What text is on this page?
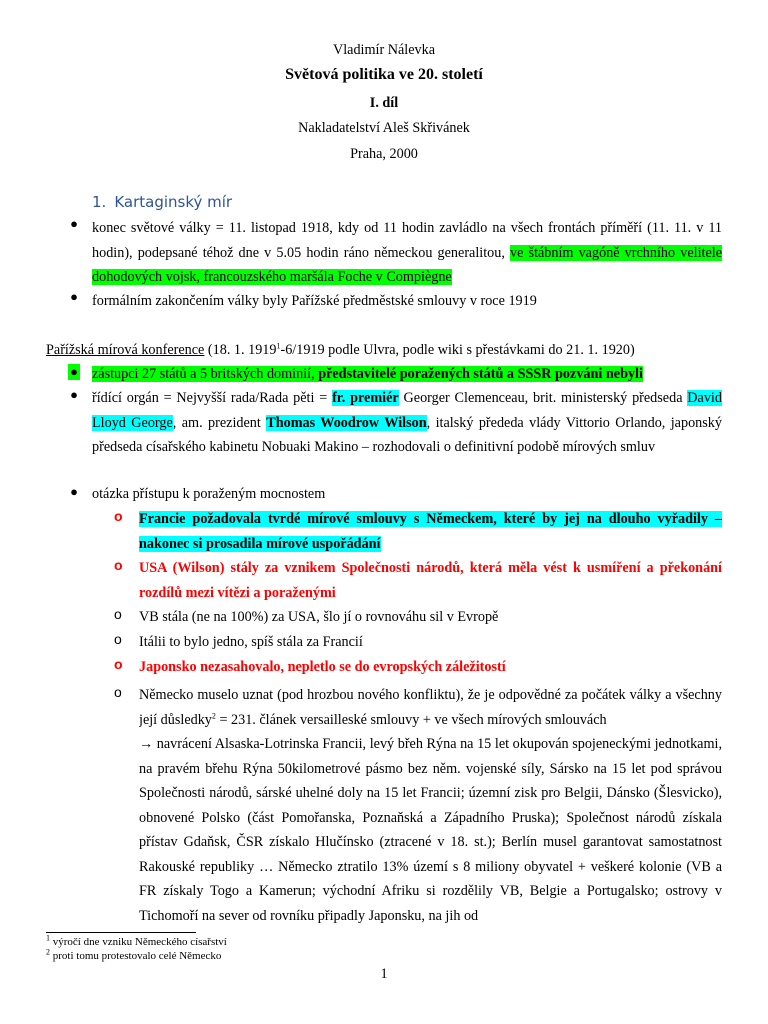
Vladimír Nálevka
Světová politika ve 20. století
I. díl
Nakladatelství Aleš Skřivánek
Praha, 2000
1. Kartaginský mír
● konec světové války = 11. listopad 1918, kdy od 11 hodin zavládlo na všech frontách příměří (11. 11. v 11 hodin), podepsané téhož dne v 5.05 hodin ráno německou generalitou, ve štábním vagóně vrchního velitele dohodových vojsk, francouzského maršála Foche v Compiègne
● formálním zakončením války byly Pařížské předměstské smlouvy v roce 1919
Pařížská mírová konference (18. 1. 1919$^1$-6/1919 podle Ulvra, podle wiki s přestávkami do 21. 1. 1920)
● zástupci 27 států a 5 britských dominií, představitelé poražených států a SSSR pozváni nebyli
● řídící orgán = Nejvyšší rada/Rada pěti = fr. premiér Georger Clemenceau, brit. ministerský předseda David Lloyd George, am. prezident Thomas Woodrow Wilson, italský přededa vlády Vittorio Orlando, japonský předseda císařského kabinetu Nobuaki Makino – rozhodovali o definitivní podobě mírových smluv
● otázka přístupu k poraženým mocnostem
o Francie požadovala tvrdé mírové smlouvy s Německem, které by jej na dlouho vyřadily – nakonec si prosadila mírové uspořádání
o USA (Wilson) stály za vznikem Společnosti národů, která měla vést k usmíření a překonání rozdílů mezi vítězi a poraženými
o VB stála (ne na 100%) za USA, šlo jí o rovnováhu sil v Evropě
o Itálii to bylo jedno, spíš stála za Francií
o Japonsko nezasahovalo, nepletlo se do evropských záležitostí
o Německo muselo uznat (pod hrozbou nového konfliktu), že je odpovědné za počátek války a všechny její důsledky$^2$ = 231. článek versailleské smlouvy + ve všech mírových smlouvách
→ navrácení Alsaska-Lotrinska Francii, levý břeh Rýna na 15 let okupován spojeneckými jednotkami, na pravém břehu Rýna 50kilometrové pásmo bez něm. vojenské síly, Sársko na 15 let pod správou Společnosti národů, sárské uhelné doly na 15 let Francii; územní zisk pro Belgii, Dánsko (Šlesvicko), obnovené Polsko (část Pomořanska, Poznaňská a Západního Pruska); Společnost národů získala přístav Gdaňsk, ČSR získalo Hlučínsko (ztracené v 18. st.); Berlín musel garantovat samostatnost Rakouské republiky … Německo ztratilo 13% území s 8 miliony obyvatel + veškeré kolonie (VB a FR získaly Togo a Kamerun; východní Afriku si rozdělily VB, Belgie a Portugalsko; ostrovy v Tichomoří na sever od rovníku připadly Japonsku, na jih od
$^1$ výročí dne vzniku Německého císařství
$^2$ proti tomu protestovalo celé Německo
1
